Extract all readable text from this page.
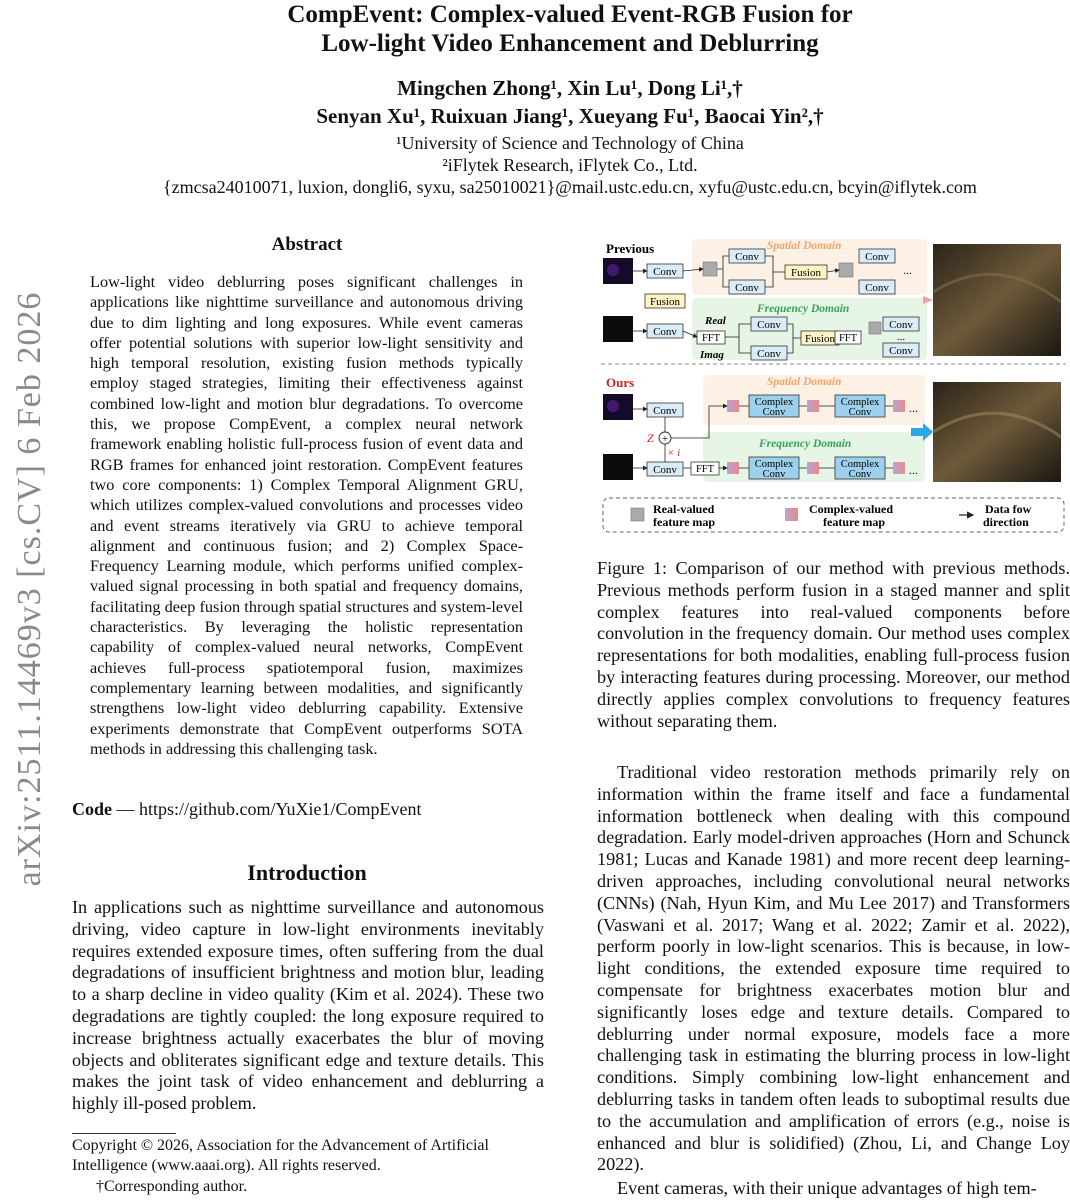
CompEvent: Complex-valued Event-RGB Fusion for
Low-light Video Enhancement and Deblurring
Mingchen Zhong¹, Xin Lu¹, Dong Li¹,†
Senyan Xu¹, Ruixuan Jiang¹, Xueyang Fu¹, Baocai Yin²,†
¹University of Science and Technology of China
²iFlytek Research, iFlytek Co., Ltd.
{zmcsa24010071, luxion, dongli6, syxu, sa25010021}@mail.ustc.edu.cn, xyfu@ustc.edu.cn, bcyin@iflytek.com
arXiv:2511.14469v3 [cs.CV] 6 Feb 2026
Abstract
Low-light video deblurring poses significant challenges in applications like nighttime surveillance and autonomous driving due to dim lighting and long exposures. While event cameras offer potential solutions with superior low-light sensitivity and high temporal resolution, existing fusion methods typically employ staged strategies, limiting their effectiveness against combined low-light and motion blur degradations. To overcome this, we propose CompEvent, a complex neural network framework enabling holistic full-process fusion of event data and RGB frames for enhanced joint restoration. CompEvent features two core components: 1) Complex Temporal Alignment GRU, which utilizes complex-valued convolutions and processes video and event streams iteratively via GRU to achieve temporal alignment and continuous fusion; and 2) Complex Space-Frequency Learning module, which performs unified complex-valued signal processing in both spatial and frequency domains, facilitating deep fusion through spatial structures and system-level characteristics. By leveraging the holistic representation capability of complex-valued neural networks, CompEvent achieves full-process spatiotemporal fusion, maximizes complementary learning between modalities, and significantly strengthens low-light video deblurring capability. Extensive experiments demonstrate that CompEvent outperforms SOTA methods in addressing this challenging task.
Code — https://github.com/YuXie1/CompEvent
Introduction
In applications such as nighttime surveillance and autonomous driving, video capture in low-light environments inevitably requires extended exposure times, often suffering from the dual degradations of insufficient brightness and motion blur, leading to a sharp decline in video quality (Kim et al. 2024). These two degradations are tightly coupled: the long exposure required to increase brightness actually exacerbates the blur of moving objects and obliterates significant edge and texture details. This makes the joint task of video enhancement and deblurring a highly ill-posed problem.
Copyright © 2026, Association for the Advancement of Artificial Intelligence (www.aaai.org). All rights reserved.
†Corresponding author.
Previous	Spatial Domain
Frequency Domain
Conv
Conv
Fusion
Conv
Conv
Fusion
Conv
Conv
...
Real
Imag
FFT
Conv
Conv
Fusion FFT
Conv
Conv
...
Ours	Spatial Domain
Frequency Domain
Conv
Conv
+
Z
× i
FFT
Complex
Conv
Complex
Conv	...
Complex
Conv
Complex
Conv	...
Real-valued
feature map
Complex-valued
feature map
Data fow
direction
Figure 1: Comparison of our method with previous methods. Previous methods perform fusion in a staged manner and split complex features into real-valued components before convolution in the frequency domain. Our method uses complex representations for both modalities, enabling full-process fusion by interacting features during processing. Moreover, our method directly applies complex convolutions to frequency features without separating them.
Traditional video restoration methods primarily rely on information within the frame itself and face a fundamental information bottleneck when dealing with this compound degradation. Early model-driven approaches (Horn and Schunck 1981; Lucas and Kanade 1981) and more recent deep learning-driven approaches, including convolutional neural networks (CNNs) (Nah, Hyun Kim, and Mu Lee 2017) and Transformers (Vaswani et al. 2017; Wang et al. 2022; Zamir et al. 2022), perform poorly in low-light scenarios. This is because, in low-light conditions, the extended exposure time required to compensate for brightness exacerbates motion blur and significantly loses edge and texture details. Compared to deblurring under normal exposure, models face a more challenging task in estimating the blurring process in low-light conditions. Simply combining low-light enhancement and deblurring tasks in tandem often leads to suboptimal results due to the accumulation and amplification of errors (e.g., noise is enhanced and blur is solidified) (Zhou, Li, and Change Loy 2022).
Event cameras, with their unique advantages of high tem-
